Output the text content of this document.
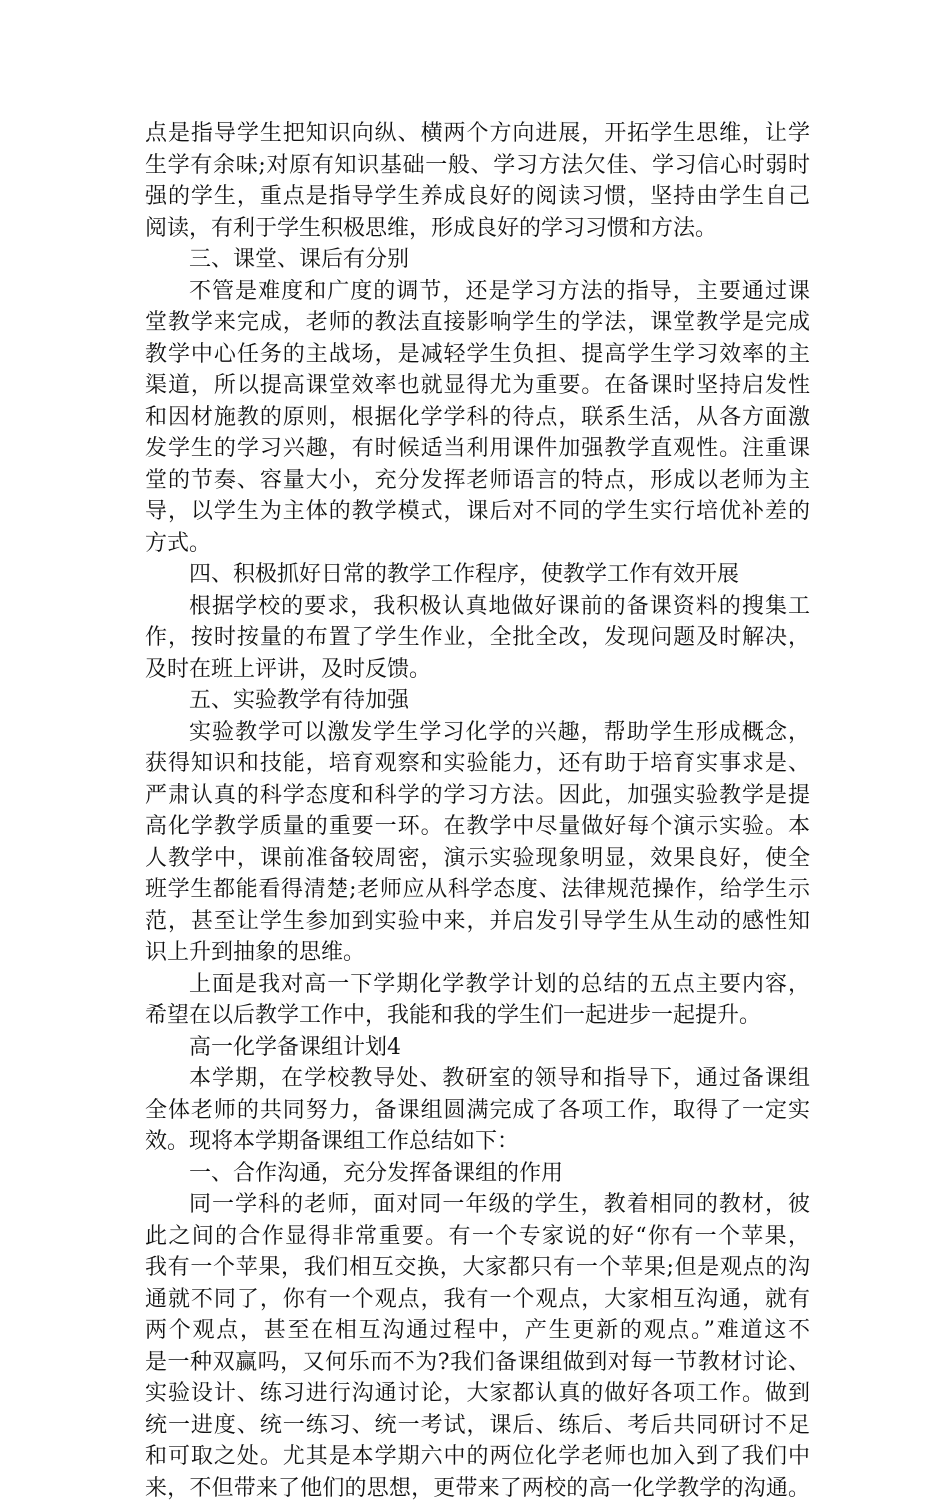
点是指导学生把知识向纵、横两个方向进展，开拓学生思维，让学
生学有余味;对原有知识基础一般、学习方法欠佳、学习信心时弱时
强的学生，重点是指导学生养成良好的阅读习惯，坚持由学生自己
阅读，有利于学生积极思维，形成良好的学习习惯和方法。
三、课堂、课后有分别
不管是难度和广度的调节，还是学习方法的指导，主要通过课
堂教学来完成，老师的教法直接影响学生的学法，课堂教学是完成
教学中心任务的主战场，是减轻学生负担、提高学生学习效率的主
渠道，所以提高课堂效率也就显得尤为重要。在备课时坚持启发性
和因材施教的原则，根据化学学科的待点，联系生活，从各方面激
发学生的学习兴趣，有时候适当利用课件加强教学直观性。注重课
堂的节奏、容量大小，充分发挥老师语言的特点，形成以老师为主
导，以学生为主体的教学模式，课后对不同的学生实行培优补差的
方式。
四、积极抓好日常的教学工作程序，使教学工作有效开展
根据学校的要求，我积极认真地做好课前的备课资料的搜集工
作，按时按量的布置了学生作业，全批全改，发现问题及时解决，
及时在班上评讲，及时反馈。
五、实验教学有待加强
实验教学可以激发学生学习化学的兴趣，帮助学生形成概念，
获得知识和技能，培育观察和实验能力，还有助于培育实事求是、
严肃认真的科学态度和科学的学习方法。因此，加强实验教学是提
高化学教学质量的重要一环。在教学中尽量做好每个演示实验。本
人教学中，课前准备较周密，演示实验现象明显，效果良好，使全
班学生都能看得清楚;老师应从科学态度、法律规范操作，给学生示
范，甚至让学生参加到实验中来，并启发引导学生从生动的感性知
识上升到抽象的思维。
上面是我对高一下学期化学教学计划的总结的五点主要内容，
希望在以后教学工作中，我能和我的学生们一起进步一起提升。
高一化学备课组计划4
本学期，在学校教导处、教研室的领导和指导下，通过备课组
全体老师的共同努力，备课组圆满完成了各项工作，取得了一定实
效。现将本学期备课组工作总结如下：
一、合作沟通，充分发挥备课组的作用
同一学科的老师，面对同一年级的学生，教着相同的教材，彼
此之间的合作显得非常重要。有一个专家说的好“你有一个苹果，
我有一个苹果，我们相互交换，大家都只有一个苹果;但是观点的沟
通就不同了，你有一个观点，我有一个观点，大家相互沟通，就有
两个观点，甚至在相互沟通过程中，产生更新的观点。”难道这不
是一种双赢吗，又何乐而不为?我们备课组做到对每一节教材讨论、
实验设计、练习进行沟通讨论，大家都认真的做好各项工作。做到
统一进度、统一练习、统一考试，课后、练后、考后共同研讨不足
和可取之处。尤其是本学期六中的两位化学老师也加入到了我们中
来，不但带来了他们的思想，更带来了两校的高一化学教学的沟通。
